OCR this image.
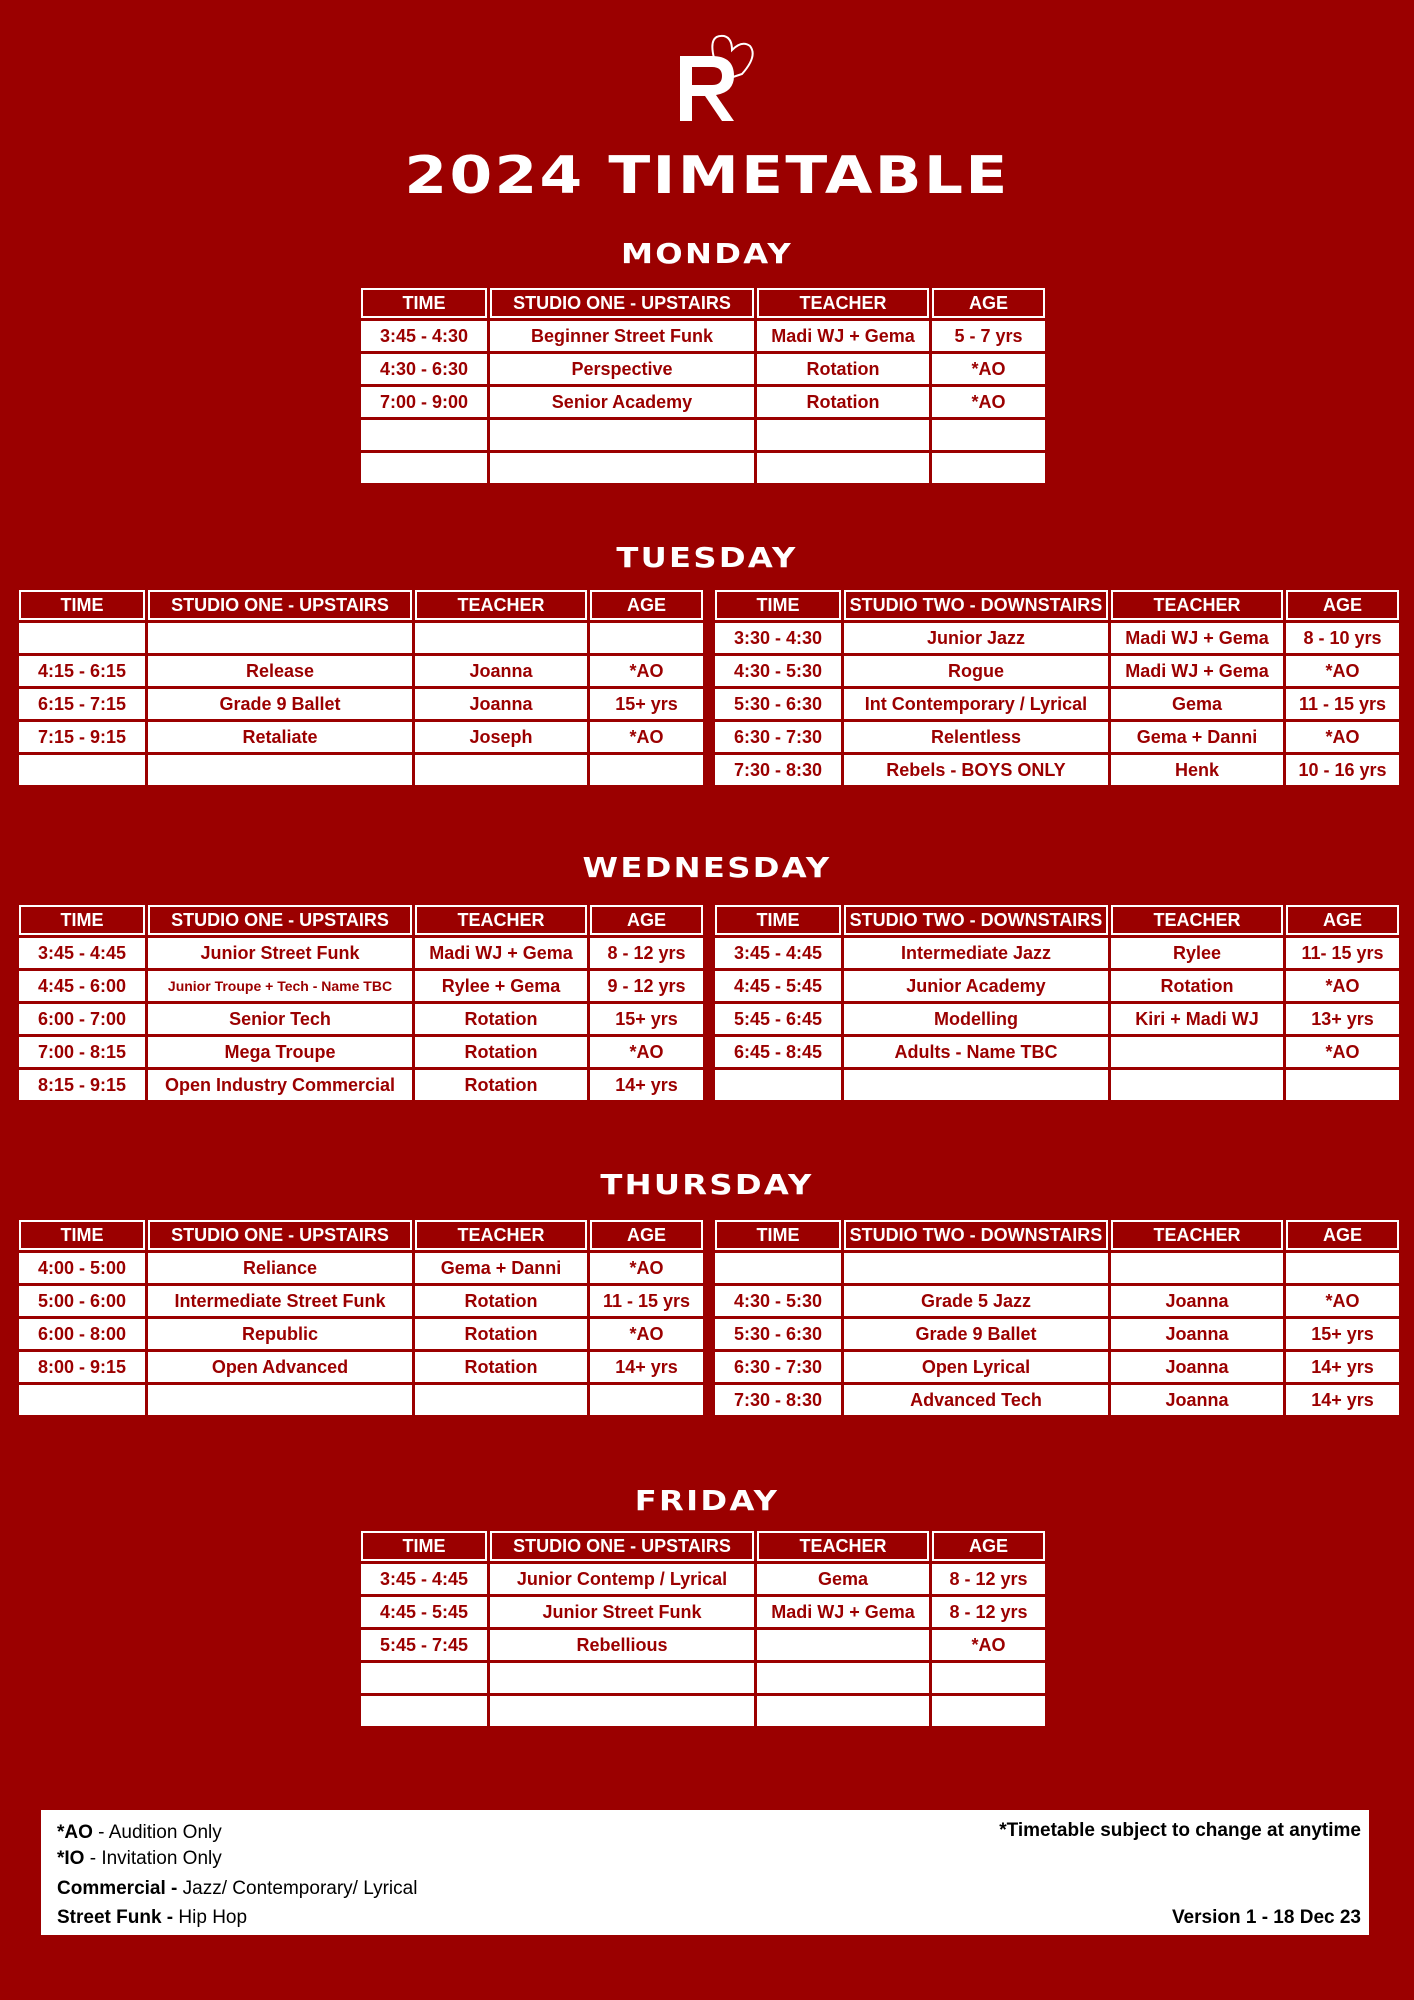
2024 TIMETABLE
MONDAY
TUESDAY
WEDNESDAY
THURSDAY
FRIDAY
TIME	STUDIO ONE - UPSTAIRS	TEACHER	AGE
3:45 - 4:30	Beginner Street Funk	Madi WJ + Gema	5 - 7 yrs
4:30 - 6:30	Perspective	Rotation	*AO
7:00 - 9:00	Senior Academy	Rotation	*AO

TIME	STUDIO ONE - UPSTAIRS	TEACHER	AGE

4:15 - 6:15	Release	Joanna	*AO
6:15 - 7:15	Grade 9 Ballet	Joanna	15+ yrs
7:15 - 9:15	Retaliate	Joseph	*AO

TIME	STUDIO TWO - DOWNSTAIRS	TEACHER	AGE
3:30 - 4:30	Junior Jazz	Madi WJ + Gema	8 - 10 yrs
4:30 - 5:30	Rogue	Madi WJ + Gema	*AO
5:30 - 6:30	Int Contemporary / Lyrical	Gema	11 - 15 yrs
6:30 - 7:30	Relentless	Gema + Danni	*AO
7:30 - 8:30	Rebels - BOYS ONLY	Henk	10 - 16 yrs
TIME	STUDIO ONE - UPSTAIRS	TEACHER	AGE
3:45 - 4:45	Junior Street Funk	Madi WJ + Gema	8 - 12 yrs
4:45 - 6:00	Junior Troupe + Tech - Name TBC	Rylee + Gema	9 - 12 yrs
6:00 - 7:00	Senior Tech	Rotation	15+ yrs
7:00 - 8:15	Mega Troupe	Rotation	*AO
8:15 - 9:15	Open Industry Commercial	Rotation	14+ yrs
TIME	STUDIO TWO - DOWNSTAIRS	TEACHER	AGE
3:45 - 4:45	Intermediate Jazz	Rylee	11- 15 yrs
4:45 - 5:45	Junior Academy	Rotation	*AO
5:45 - 6:45	Modelling	Kiri + Madi WJ	13+ yrs
6:45 - 8:45	Adults - Name TBC		*AO

TIME	STUDIO ONE - UPSTAIRS	TEACHER	AGE
4:00 - 5:00	Reliance	Gema + Danni	*AO
5:00 - 6:00	Intermediate Street Funk	Rotation	11 - 15 yrs
6:00 - 8:00	Republic	Rotation	*AO
8:00 - 9:15	Open Advanced	Rotation	14+ yrs

TIME	STUDIO TWO - DOWNSTAIRS	TEACHER	AGE

4:30 - 5:30	Grade 5 Jazz	Joanna	*AO
5:30 - 6:30	Grade 9 Ballet	Joanna	15+ yrs
6:30 - 7:30	Open Lyrical	Joanna	14+ yrs
7:30 - 8:30	Advanced Tech	Joanna	14+ yrs
TIME	STUDIO ONE - UPSTAIRS	TEACHER	AGE
3:45 - 4:45	Junior Contemp / Lyrical	Gema	8 - 12 yrs
4:45 - 5:45	Junior Street Funk	Madi WJ + Gema	8 - 12 yrs
5:45 - 7:45	Rebellious		*AO

*AO - Audition Only
*IO - Invitation Only
Commercial - Jazz/ Contemporary/ Lyrical
Street Funk - Hip Hop
*Timetable subject to change at anytime
Version 1 - 18 Dec 23
